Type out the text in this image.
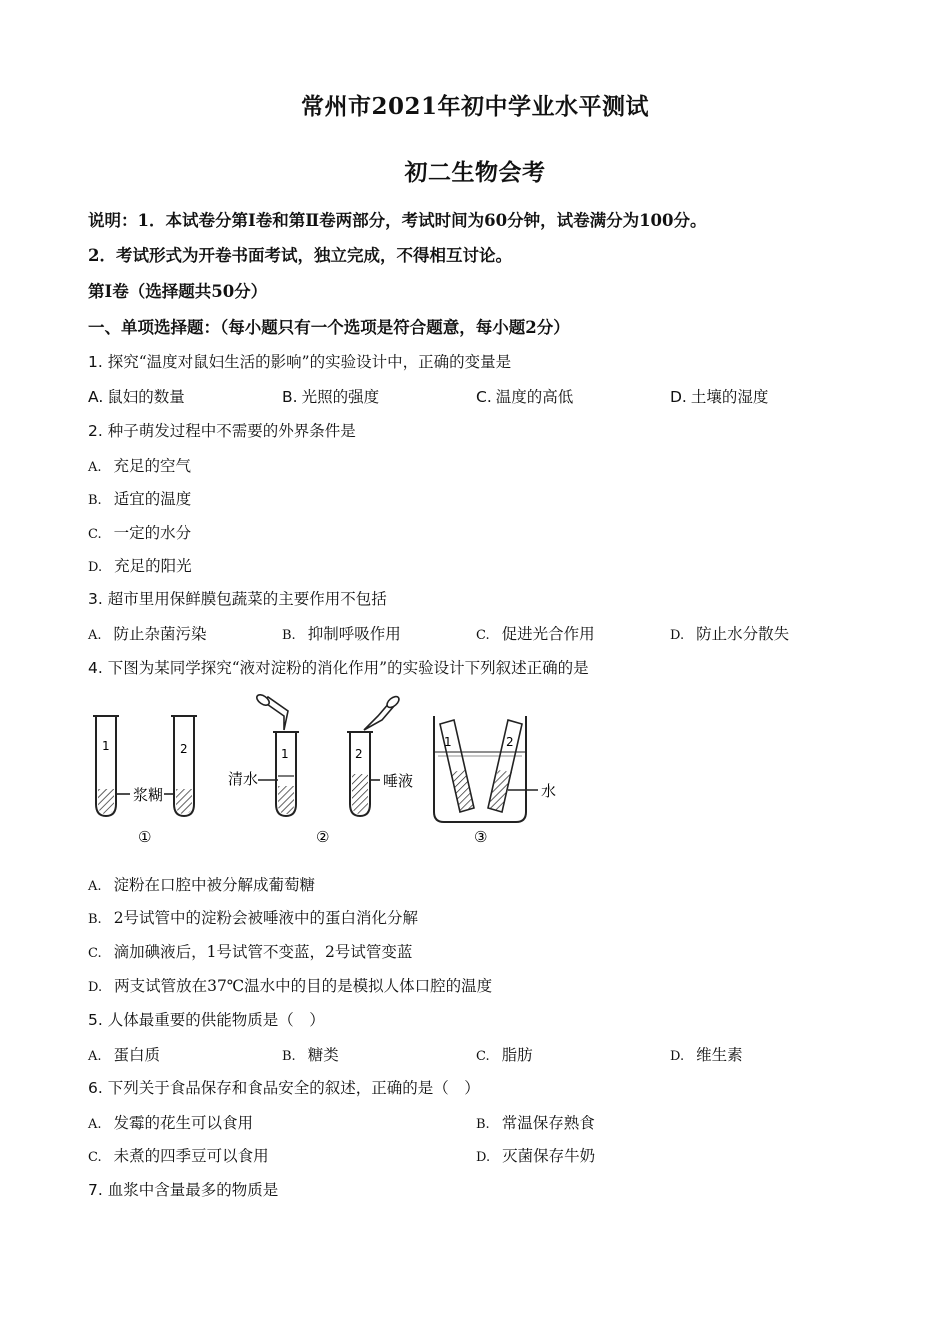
常州市2021年初中学业水平测试
初二生物会考
说明：1．本试卷分第Ⅰ卷和第Ⅱ卷两部分，考试时间为60分钟，试卷满分为100分。
2．考试形式为开卷书面考试，独立完成，不得相互讨论。
第Ⅰ卷（选择题共50分）
一、单项选择题：（每小题只有一个选项是符合题意，每小题2分）
1. 探究“温度对鼠妇生活的影响”的实验设计中，正确的变量是
A. 鼠妇的数量	B. 光照的强度	C. 温度的高低	D. 土壤的湿度
2. 种子萌发过程中不需要的外界条件是
A. 充足的空气
B. 适宜的温度
C. 一定的水分
D. 充足的阳光
3. 超市里用保鲜膜包蔬菜的主要作用不包括
A. 防止杂菌污染	B. 抑制呼吸作用	C. 促进光合作用	D. 防止水分散失
4. 下图为某同学探究“液对淀粉的消化作用”的实验设计下列叙述正确的是
1	2
浆糊
①
1
清水
2
唾液
②
1	2
水
③
A. 淀粉在口腔中被分解成葡萄糖
B. 2号试管中的淀粉会被唾液中的蛋白消化分解
C. 滴加碘液后，1号试管不变蓝，2号试管变蓝
D. 两支试管放在37℃温水中的目的是模拟人体口腔的温度
5. 人体最重要的供能物质是（　）
A. 蛋白质	B. 糖类	C. 脂肪	D. 维生素
6. 下列关于食品保存和食品安全的叙述，正确的是（　）
A. 发霉的花生可以食用	B. 常温保存熟食
C. 未煮的四季豆可以食用	D. 灭菌保存牛奶
7. 血浆中含量最多的物质是
